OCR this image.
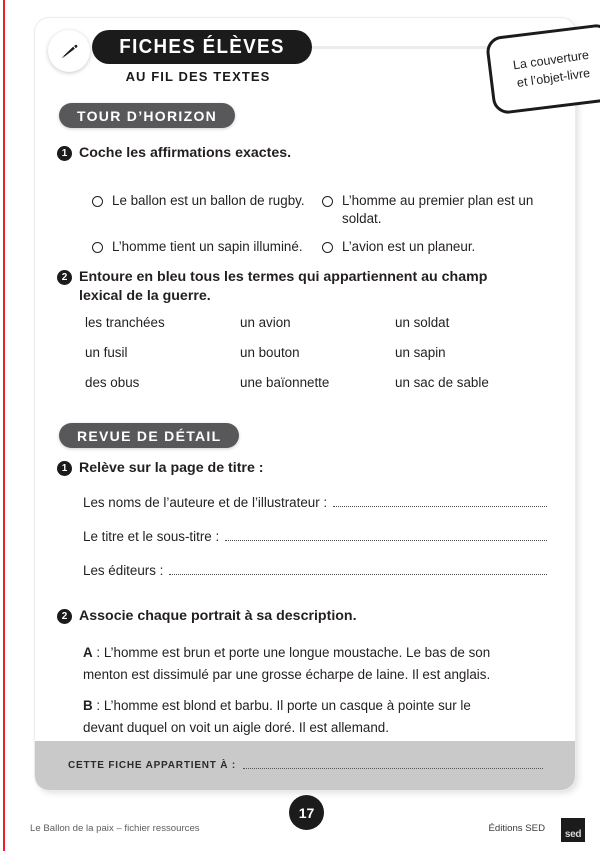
FICHES ÉLÈVES
AU FIL DES TEXTES
La couverture
et l’objet-livre
TOUR D’HORIZON
1 Coche les affirmations exactes.
Le ballon est un ballon de rugby.	L’homme au premier plan est un soldat.
L’homme tient un sapin illuminé.	L’avion est un planeur.
2 Entoure en bleu tous les termes qui appartiennent au champ
lexical de la guerre.
les tranchées	un avion	un soldat
un fusil	un bouton	un sapin
des obus	une baïonnette	un sac de sable
REVUE DE DÉTAIL
1 Relève sur la page de titre :
Les noms de l’auteure et de l’illustrateur :
Le titre et le sous-titre :
Les éditeurs :
2 Associe chaque portrait à sa description.
A : L’homme est brun et porte une longue moustache. Le bas de son
menton est dissimulé par une grosse écharpe de laine. Il est anglais.
B : L’homme est blond et barbu. Il porte un casque à pointe sur le
devant duquel on voit un aigle doré. Il est allemand.
CETTE FICHE APPARTIENT À :
17
Le Ballon de la paix – fichier ressources	Éditions SED
sed
